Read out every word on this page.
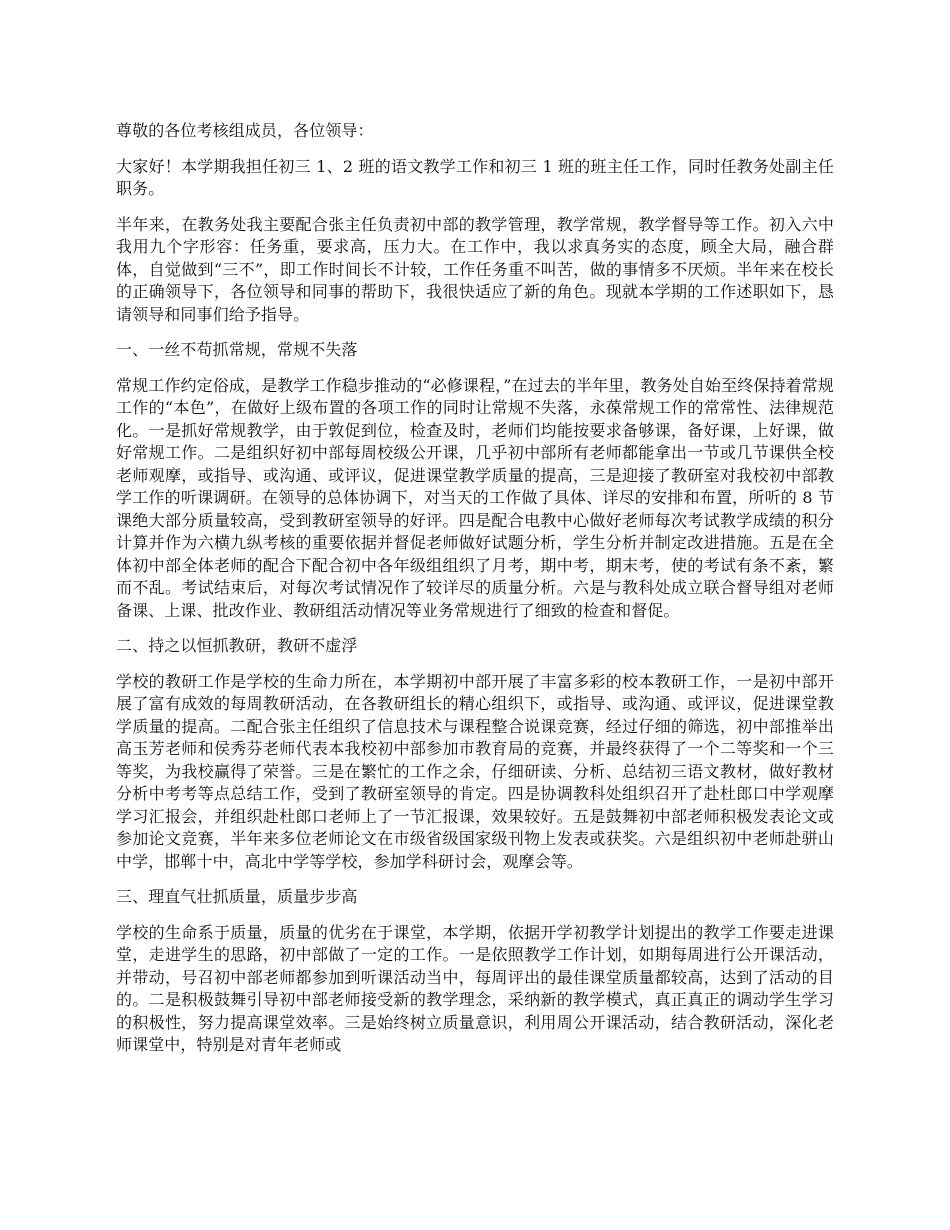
尊敬的各位考核组成员，各位领导：

大家好！本学期我担任初三 1、2 班的语文教学工作和初三 1 班的班主任工作，同时任教务处副主任职务。

半年来，在教务处我主要配合张主任负责初中部的教学管理，教学常规，教学督导等工作。初入六中我用九个字形容：任务重，要求高，压力大。在工作中，我以求真务实的态度，顾全大局，融合群体，自觉做到“三不”，即工作时间长不计较，工作任务重不叫苦，做的事情多不厌烦。半年来在校长的正确领导下，各位领导和同事的帮助下，我很快适应了新的角色。现就本学期的工作述职如下，恳请领导和同事们给予指导。

一、一丝不苟抓常规，常规不失落

常规工作约定俗成，是教学工作稳步推动的“必修课程，”在过去的半年里，教务处自始至终保持着常规工作的“本色”，在做好上级布置的各项工作的同时让常规不失落，永葆常规工作的常常性、法律规范化。一是抓好常规教学，由于敦促到位，检查及时，老师们均能按要求备够课，备好课，上好课，做好常规工作。二是组织好初中部每周校级公开课，几乎初中部所有老师都能拿出一节或几节课供全校老师观摩，或指导、或沟通、或评议，促进课堂教学质量的提高，三是迎接了教研室对我校初中部教学工作的听课调研。在领导的总体协调下，对当天的工作做了具体、详尽的安排和布置，所听的 8 节课绝大部分质量较高，受到教研室领导的好评。四是配合电教中心做好老师每次考试教学成绩的积分计算并作为六横九纵考核的重要依据并督促老师做好试题分析，学生分析并制定改进措施。五是在全体初中部全体老师的配合下配合初中各年级组组织了月考，期中考，期末考，使的考试有条不紊，繁而不乱。考试结束后，对每次考试情况作了较详尽的质量分析。六是与教科处成立联合督导组对老师备课、上课、批改作业、教研组活动情况等业务常规进行了细致的检查和督促。

二、持之以恒抓教研，教研不虚浮

学校的教研工作是学校的生命力所在，本学期初中部开展了丰富多彩的校本教研工作，一是初中部开展了富有成效的每周教研活动，在各教研组长的精心组织下，或指导、或沟通、或评议，促进课堂教学质量的提高。二配合张主任组织了信息技术与课程整合说课竞赛，经过仔细的筛选，初中部推举出高玉芳老师和侯秀芬老师代表本我校初中部参加市教育局的竞赛，并最终获得了一个二等奖和一个三等奖，为我校赢得了荣誉。三是在繁忙的工作之余，仔细研读、分析、总结初三语文教材，做好教材分析中考考等点总结工作，受到了教研室领导的肯定。四是协调教科处组织召开了赴杜郎口中学观摩学习汇报会，并组织赴杜郎口老师上了一节汇报课，效果较好。五是鼓舞初中部老师积极发表论文或参加论文竞赛，半年来多位老师论文在市级省级国家级刊物上发表或获奖。六是组织初中老师赴骈山中学，邯郸十中，高北中学等学校，参加学科研讨会，观摩会等。

三、理直气壮抓质量，质量步步高

学校的生命系于质量，质量的优劣在于课堂，本学期，依据开学初教学计划提出的教学工作要走进课堂，走进学生的思路，初中部做了一定的工作。一是依照教学工作计划，如期每周进行公开课活动，并带动，号召初中部老师都参加到听课活动当中，每周评出的最佳课堂质量都较高，达到了活动的目的。二是积极鼓舞引导初中部老师接受新的教学理念，采纳新的教学模式，真正真正的调动学生学习的积极性，努力提高课堂效率。三是始终树立质量意识，利用周公开课活动，结合教研活动，深化老师课堂中，特别是对青年老师或
